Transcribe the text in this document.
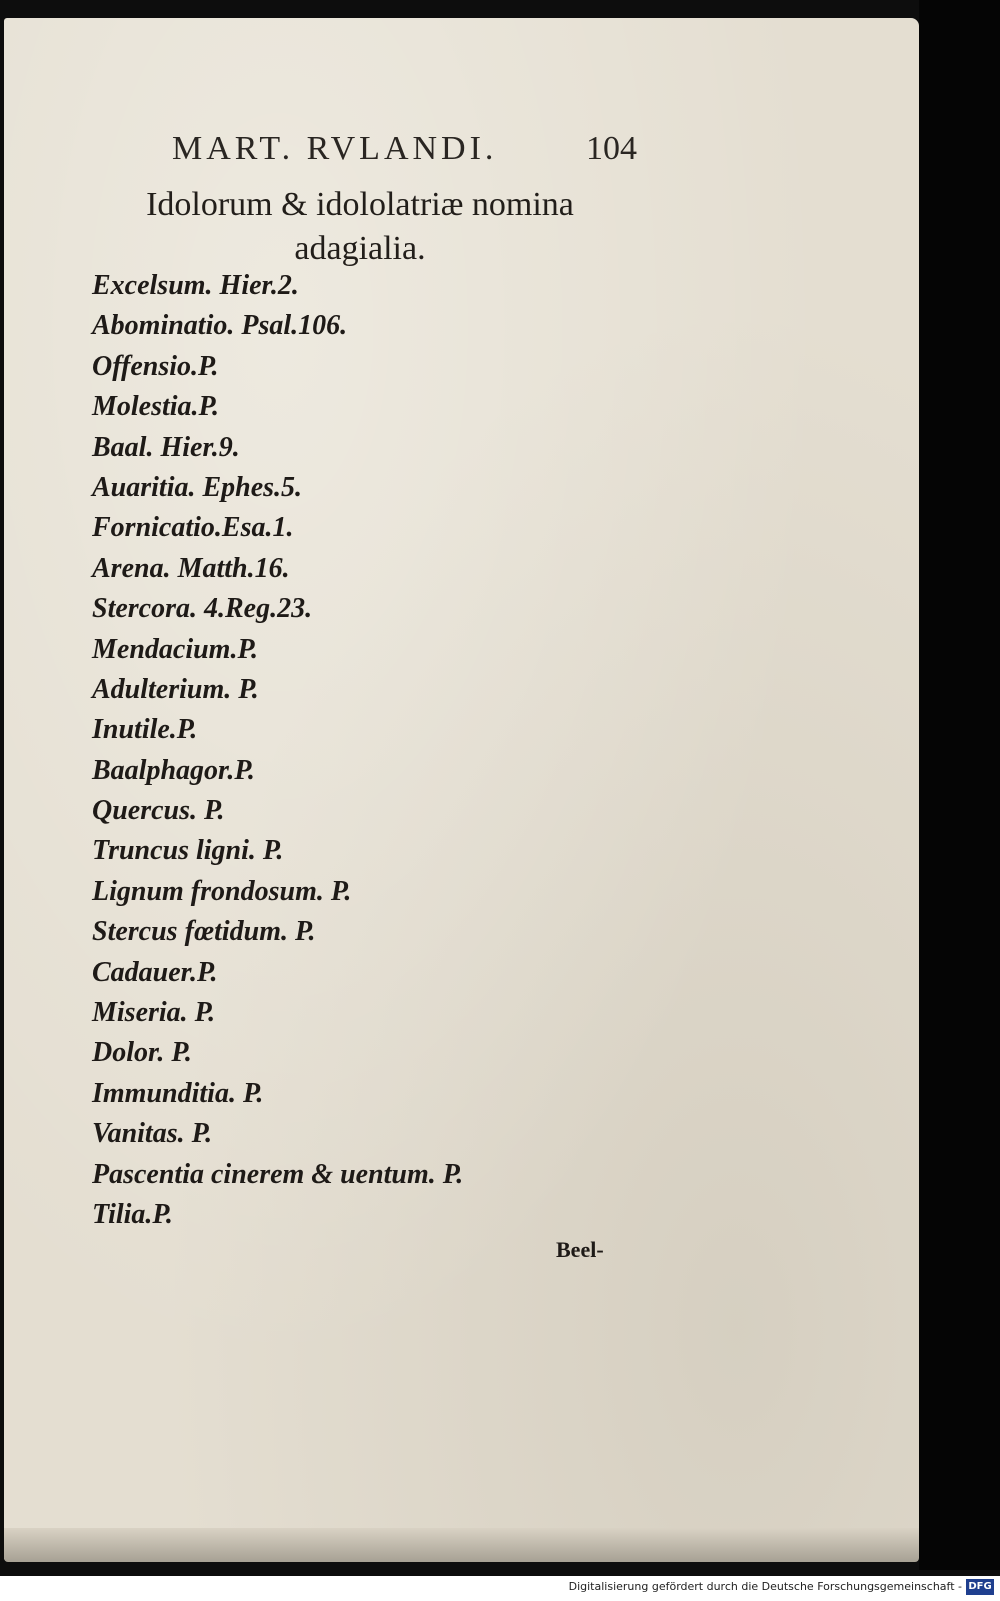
MART. RVLANDI.	104
Idolorum & idololatriæ nomina
adagialia.
Excelsum. Hier.2.
Abominatio. Psal.106.
Offensio.P.
Molestia.P.
Baal. Hier.9.
Auaritia. Ephes.5.
Fornicatio.Esa.1.
Arena. Matth.16.
Stercora. 4.Reg.23.
Mendacium.P.
Adulterium. P.
Inutile.P.
Baalphagor.P.
Quercus. P.
Truncus ligni. P.
Lignum frondosum. P.
Stercus fœtidum. P.
Cadauer.P.
Miseria. P.
Dolor. P.
Immunditia. P.
Vanitas. P.
Pascentia cinerem & uentum. P.
Tilia.P.
Beel-
Digitalisierung gefördert durch die Deutsche Forschungsgemeinschaft - DFG
